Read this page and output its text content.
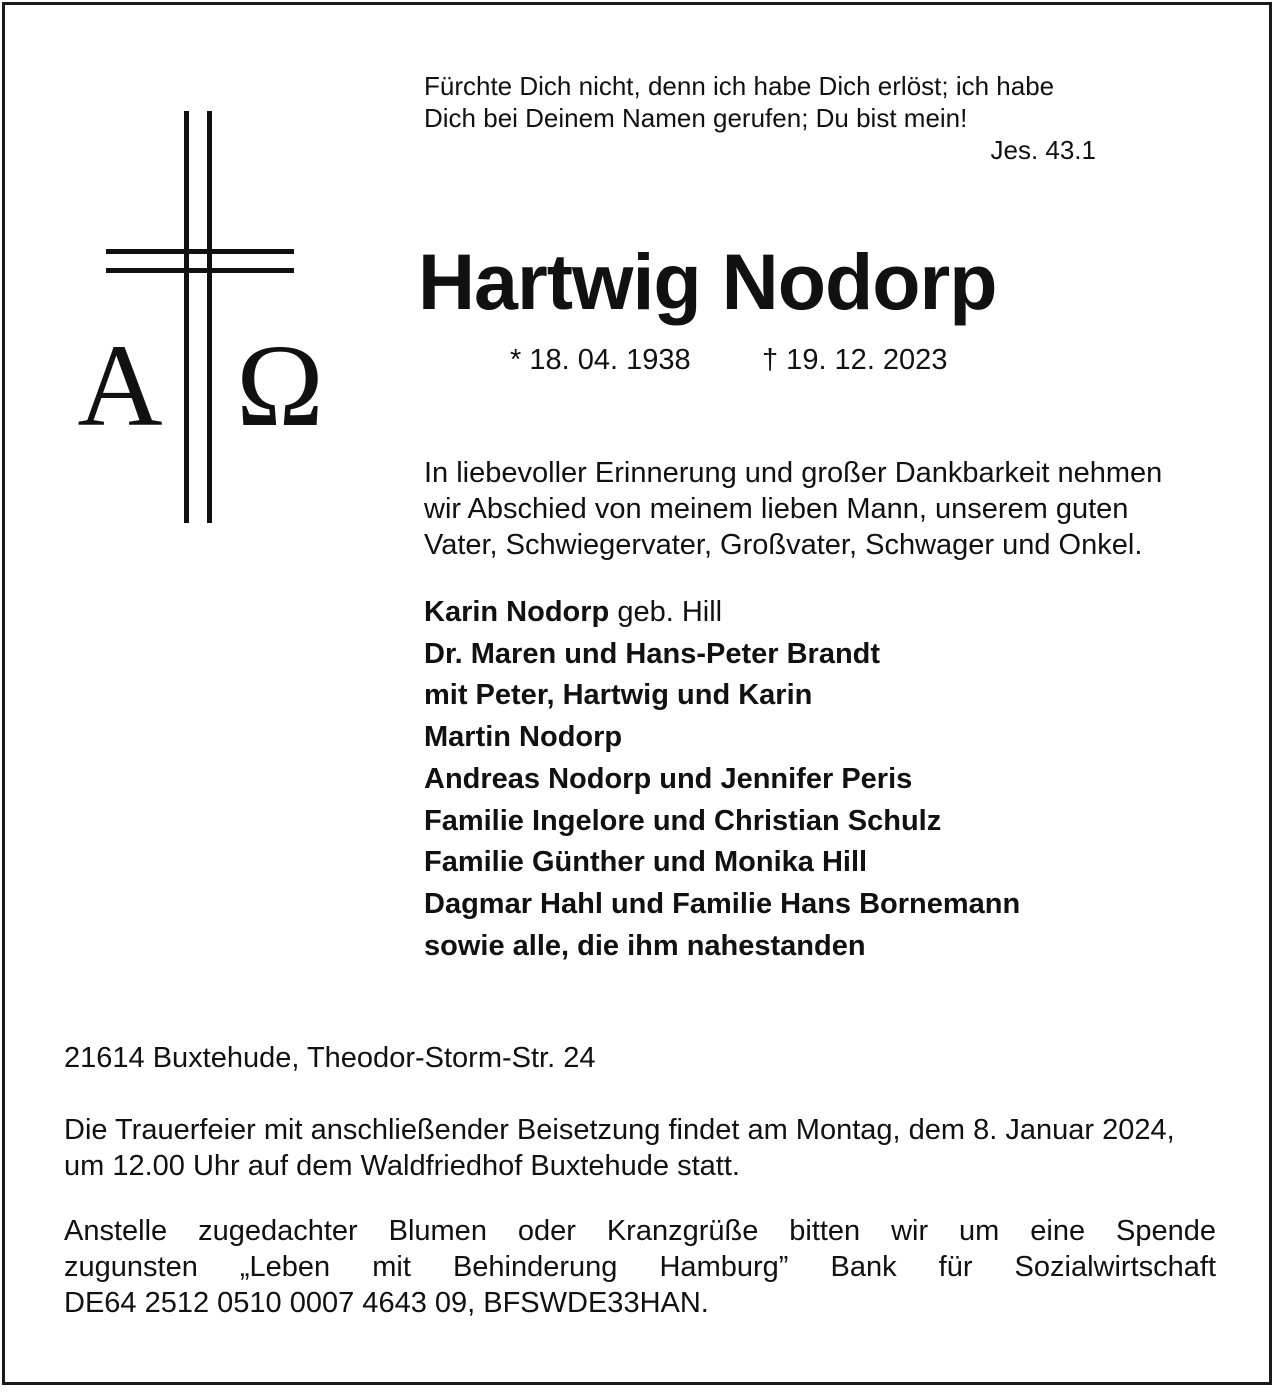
A Ω
Fürchte Dich nicht, denn ich habe Dich erlöst; ich habe
Dich bei Deinem Namen gerufen; Du bist mein!
Jes. 43.1
Hartwig Nodorp
* 18. 04. 1938 † 19. 12. 2023
In liebevoller Erinnerung und großer Dankbarkeit nehmen
wir Abschied von meinem lieben Mann, unserem guten
Vater, Schwiegervater, Großvater, Schwager und Onkel.
Karin Nodorp geb. Hill
Dr. Maren und Hans-Peter Brandt
mit Peter, Hartwig und Karin
Martin Nodorp
Andreas Nodorp und Jennifer Peris
Familie Ingelore und Christian Schulz
Familie Günther und Monika Hill
Dagmar Hahl und Familie Hans Bornemann
sowie alle, die ihm nahestanden
21614 Buxtehude, Theodor-Storm-Str. 24
Die Trauerfeier mit anschließender Beisetzung findet am Montag, dem 8. Januar 2024,
um 12.00 Uhr auf dem Waldfriedhof Buxtehude statt.
Anstelle zugedachter Blumen oder Kranzgrüße bitten wir um eine Spende
zugunsten „Leben mit Behinderung Hamburg” Bank für Sozialwirtschaft
DE64 2512 0510 0007 4643 09, BFSWDE33HAN.
